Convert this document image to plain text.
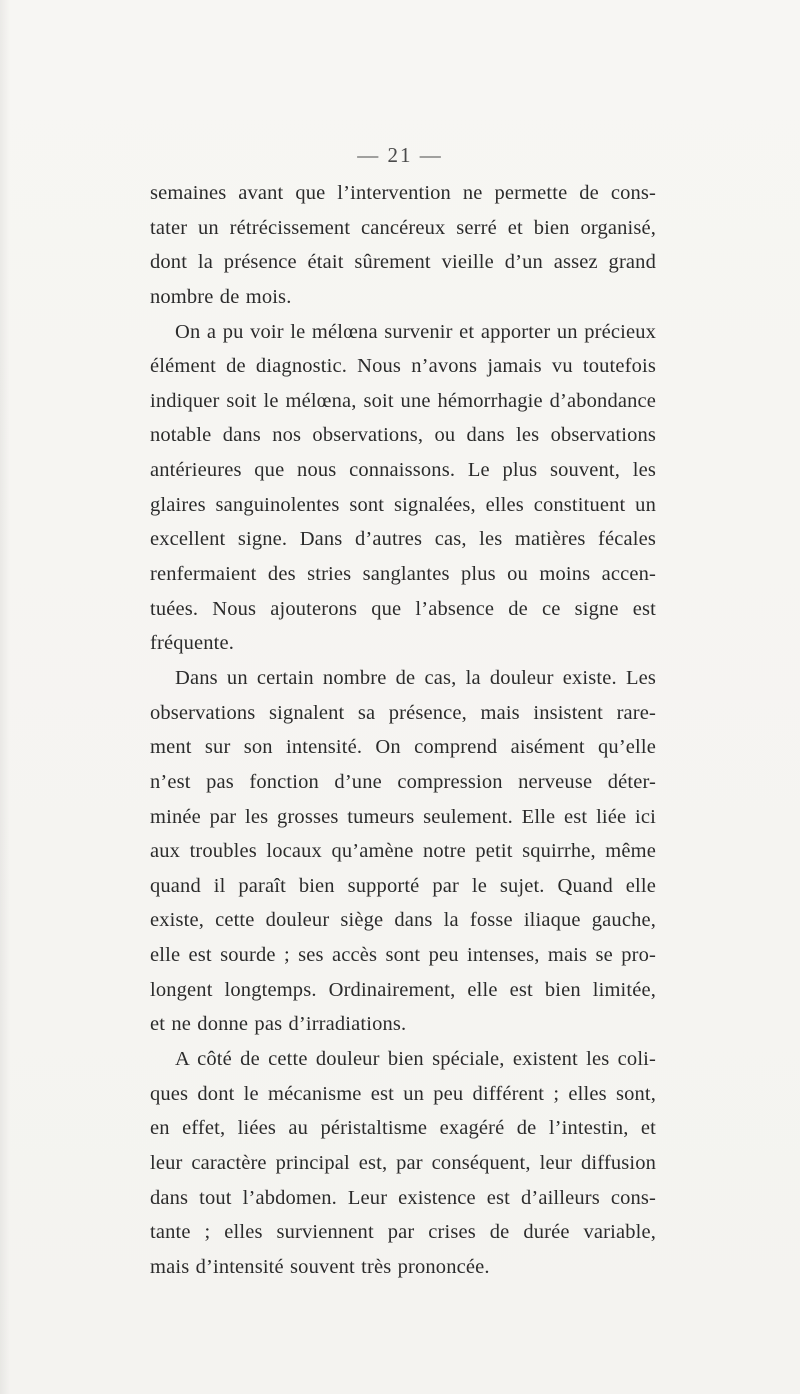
— 21 —
semaines avant que l’intervention ne permette de cons-
tater un rétrécissement cancéreux serré et bien organisé,
dont la présence était sûrement vieille d’un assez grand
nombre de mois.
On a pu voir le mélœna survenir et apporter un précieux
élément de diagnostic. Nous n’avons jamais vu toutefois
indiquer soit le mélœna, soit une hémorrhagie d’abondance
notable dans nos observations, ou dans les observations
antérieures que nous connaissons. Le plus souvent, les
glaires sanguinolentes sont signalées, elles constituent un
excellent signe. Dans d’autres cas, les matières fécales
renfermaient des stries sanglantes plus ou moins accen-
tuées. Nous ajouterons que l’absence de ce signe est
fréquente.
Dans un certain nombre de cas, la douleur existe. Les
observations signalent sa présence, mais insistent rare-
ment sur son intensité. On comprend aisément qu’elle
n’est pas fonction d’une compression nerveuse déter-
minée par les grosses tumeurs seulement. Elle est liée ici
aux troubles locaux qu’amène notre petit squirrhe, même
quand il paraît bien supporté par le sujet. Quand elle
existe, cette douleur siège dans la fosse iliaque gauche,
elle est sourde ; ses accès sont peu intenses, mais se pro-
longent longtemps. Ordinairement, elle est bien limitée,
et ne donne pas d’irradiations.
A côté de cette douleur bien spéciale, existent les coli-
ques dont le mécanisme est un peu différent ; elles sont,
en effet, liées au péristaltisme exagéré de l’intestin, et
leur caractère principal est, par conséquent, leur diffusion
dans tout l’abdomen. Leur existence est d’ailleurs cons-
tante ; elles surviennent par crises de durée variable,
mais d’intensité souvent très prononcée.
